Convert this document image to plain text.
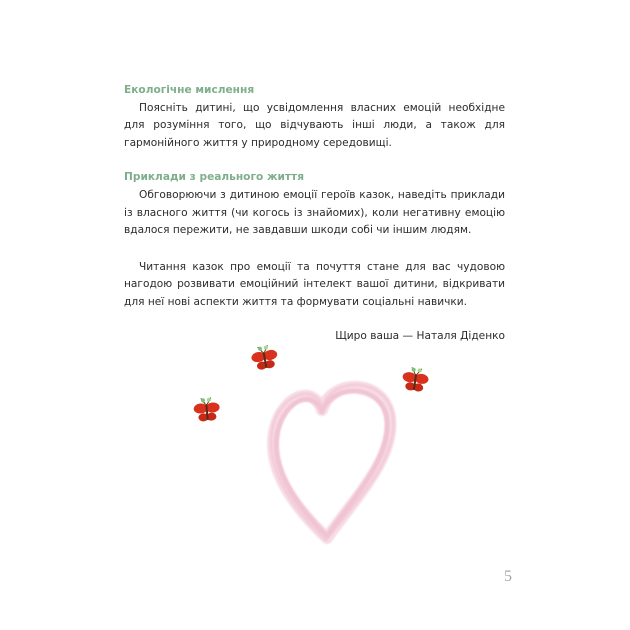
Екологічне мислення

Поясніть дитині, що усвідомлення власних емоцій необхідне для розуміння того, що відчувають інші люди, а також для гармонійного життя у природному середовищі.

Приклади з реального життя

Обговорюючи з дитиною емоції героїв казок, наведіть приклади із власного життя (чи когось із знайомих), коли негативну емоцію вдалося пережити, не завдавши шкоди собі чи іншим людям.

Читання казок про емоції та почуття стане для вас чудовою нагодою розвивати емоційний інтелект вашої дитини, відкривати для неї нові аспекти життя та формувати соціальні навички.

Щиро ваша — Наталя Діденко

5
